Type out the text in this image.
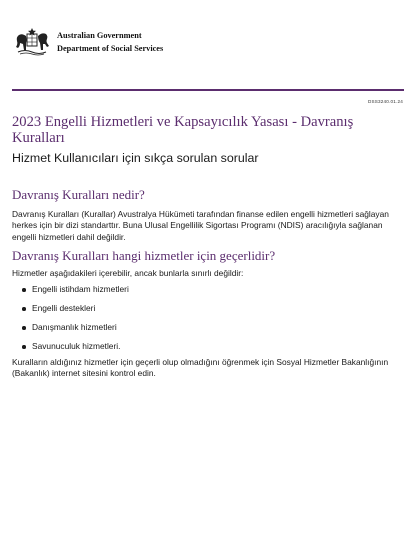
Australian Government
Department of Social Services
DSS3240.01.24
2023 Engelli Hizmetleri ve Kapsayıcılık Yasası - Davranış Kuralları
Hizmet Kullanıcıları için sıkça sorulan sorular
Davranış Kuralları nedir?
Davranış Kuralları (Kurallar) Avustralya Hükümeti tarafından finanse edilen engelli hizmetleri sağlayan herkes için bir dizi standarttır. Buna Ulusal Engellilik Sigortası Programı (NDIS) aracılığıyla sağlanan engelli hizmetleri dahil değildir.
Davranış Kuralları hangi hizmetler için geçerlidir?
Hizmetler aşağıdakileri içerebilir, ancak bunlarla sınırlı değildir:
Engelli istihdam hizmetleri
Engelli destekleri
Danışmanlık hizmetleri
Savunuculuk hizmetleri.
Kuralların aldığınız hizmetler için geçerli olup olmadığını öğrenmek için Sosyal Hizmetler Bakanlığının (Bakanlık) internet sitesini kontrol edin.
